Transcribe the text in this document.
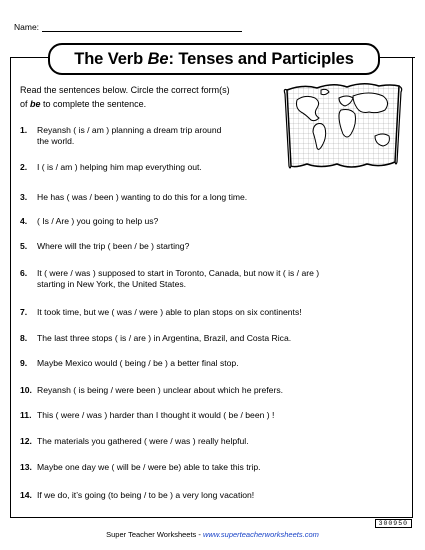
Name:
The Verb Be : Tenses and Participles
Read the sentences below. Circle the correct form(s)
of be to complete the sentence.
1.	Reyansh ( is / am ) planning a dream trip around
the world.
2.	I ( is / am ) helping him map everything out.
3.	He has ( was / been ) wanting to do this for a long time.
4.	( Is / Are ) you going to help us?
5.	Where will the trip ( been / be ) starting?
6.	It ( were / was ) supposed to start in Toronto, Canada, but now it ( is / are )
starting in New York, the United States.
7.	It took time, but we ( was / were ) able to plan stops on six continents!
8.	The last three stops ( is / are ) in Argentina, Brazil, and Costa Rica.
9.	Maybe Mexico would ( being / be ) a better final stop.
10. Reyansh ( is being / were been ) unclear about which he prefers.
11. This ( were / was ) harder than I thought it would ( be / been ) !
12. The materials you gathered ( were / was ) really helpful.
13. Maybe one day we ( will be / were be) able to take this trip.
14. If we do, it’s going (to being / to be ) a very long vacation!
300950
Super Teacher Worksheets - www.superteacherworksheets.com
